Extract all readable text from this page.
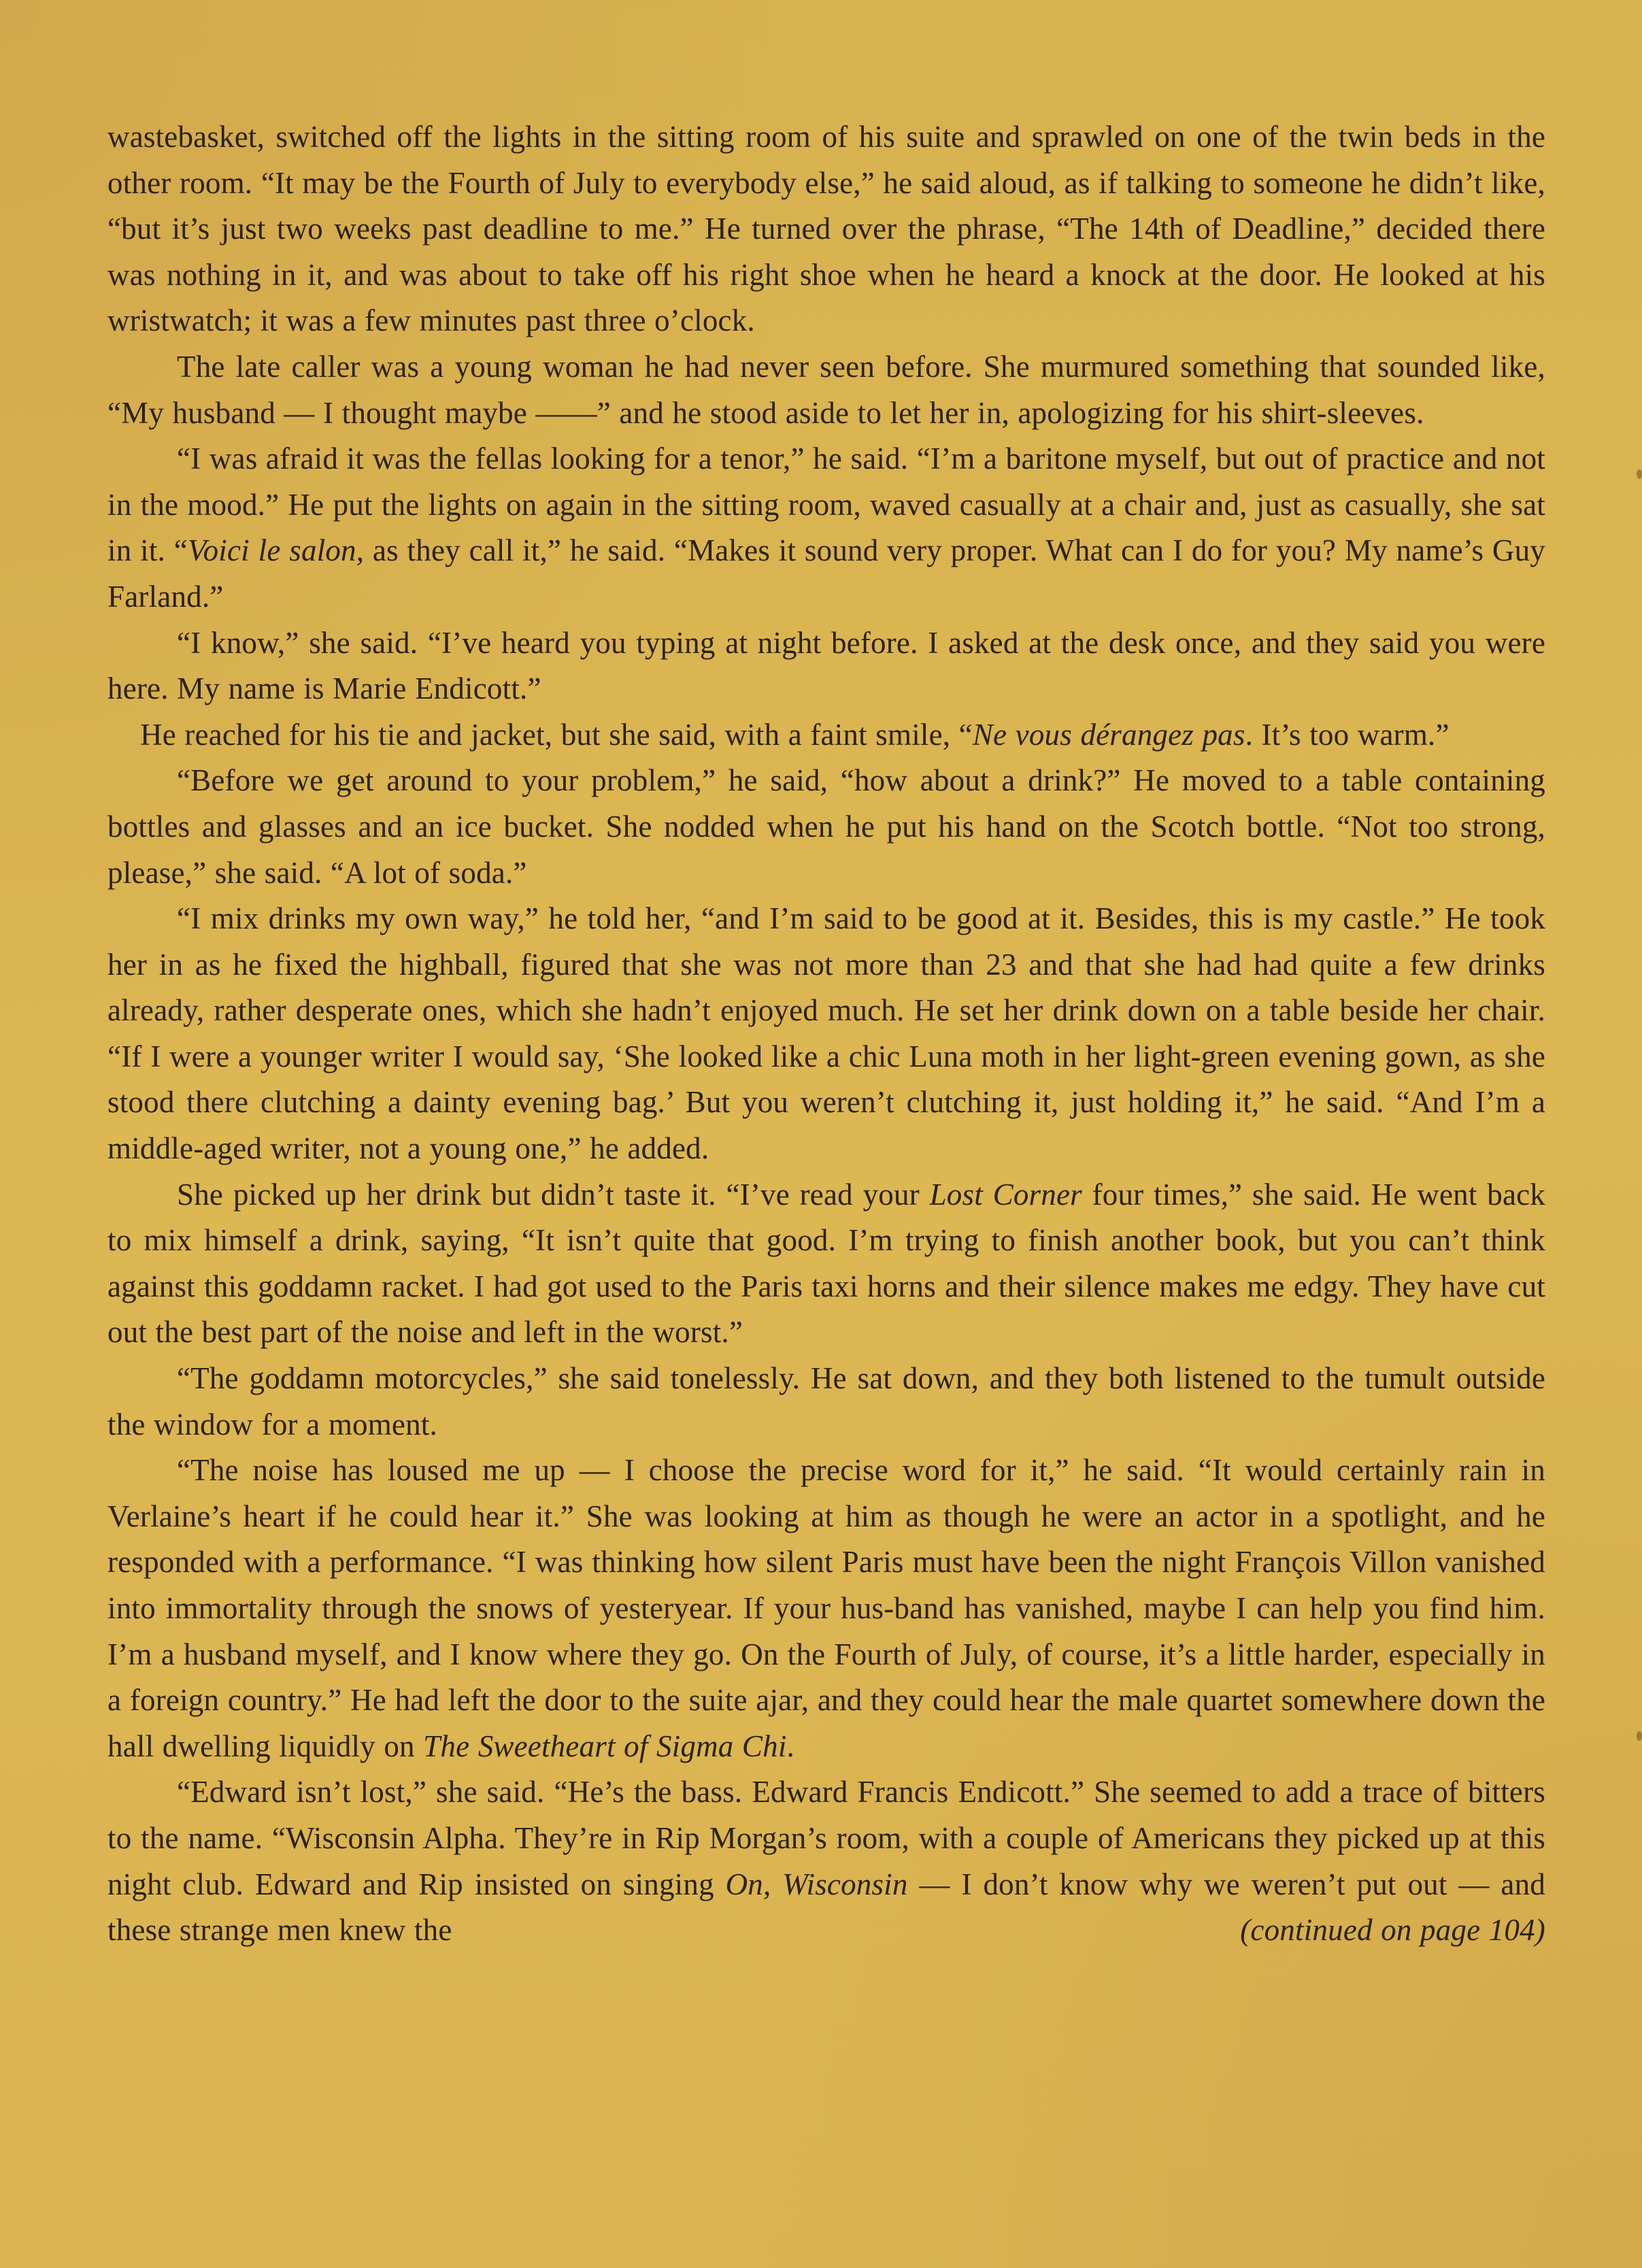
wastebasket, switched off the lights in the sitting room of his suite and sprawled on one of the twin beds in the other room. “It may be the Fourth of July to everybody else,” he said aloud, as if talking to someone he didn’t like, “but it’s just two weeks past deadline to me.” He turned over the phrase, “The 14th of Deadline,” decided there was nothing in it, and was about to take off his right shoe when he heard a knock at the door. He looked at his wristwatch; it was a few minutes past three o’clock.

The late caller was a young woman he had never seen before. She murmured something that sounded like, “My husband — I thought maybe ——” and he stood aside to let her in, apologizing for his shirt-sleeves.

“I was afraid it was the fellas looking for a tenor,” he said. “I’m a baritone myself, but out of practice and not in the mood.” He put the lights on again in the sitting room, waved casually at a chair and, just as casually, she sat in it. “Voici le salon, as they call it,” he said. “Makes it sound very proper. What can I do for you? My name’s Guy Farland.”

“I know,” she said. “I’ve heard you typing at night before. I asked at the desk once, and they said you were here. My name is Marie Endicott.”

He reached for his tie and jacket, but she said, with a faint smile, “Ne vous dérangez pas. It’s too warm.”

“Before we get around to your problem,” he said, “how about a drink?” He moved to a table containing bottles and glasses and an ice bucket. She nodded when he put his hand on the Scotch bottle. “Not too strong, please,” she said. “A lot of soda.”

“I mix drinks my own way,” he told her, “and I’m said to be good at it. Besides, this is my castle.” He took her in as he fixed the highball, figured that she was not more than 23 and that she had had quite a few drinks already, rather desperate ones, which she hadn’t enjoyed much. He set her drink down on a table beside her chair. “If I were a younger writer I would say, ‘She looked like a chic Luna moth in her light-green evening gown, as she stood there clutching a dainty evening bag.’ But you weren’t clutching it, just holding it,” he said. “And I’m a middle-aged writer, not a young one,” he added.

She picked up her drink but didn’t taste it. “I’ve read your Lost Corner four times,” she said. He went back to mix himself a drink, saying, “It isn’t quite that good. I’m trying to finish another book, but you can’t think against this goddamn racket. I had got used to the Paris taxi horns and their silence makes me edgy. They have cut out the best part of the noise and left in the worst.”

“The goddamn motorcycles,” she said tonelessly. He sat down, and they both listened to the tumult outside the window for a moment.

“The noise has loused me up — I choose the precise word for it,” he said. “It would certainly rain in Verlaine’s heart if he could hear it.” She was looking at him as though he were an actor in a spotlight, and he responded with a performance. “I was thinking how silent Paris must have been the night François Villon vanished into immortality through the snows of yesteryear. If your hus-band has vanished, maybe I can help you find him. I’m a husband myself, and I know where they go. On the Fourth of July, of course, it’s a little harder, especially in a foreign country.” He had left the door to the suite ajar, and they could hear the male quartet somewhere down the hall dwelling liquidly on The Sweetheart of Sigma Chi.

“Edward isn’t lost,” she said. “He’s the bass. Edward Francis Endicott.” She seemed to add a trace of bitters to the name. “Wisconsin Alpha. They’re in Rip Morgan’s room, with a couple of Americans they picked up at this night club. Edward and Rip insisted on singing On, Wisconsin — I don’t know why we weren’t put out — and these strange men knew the	(continued on page 104)
